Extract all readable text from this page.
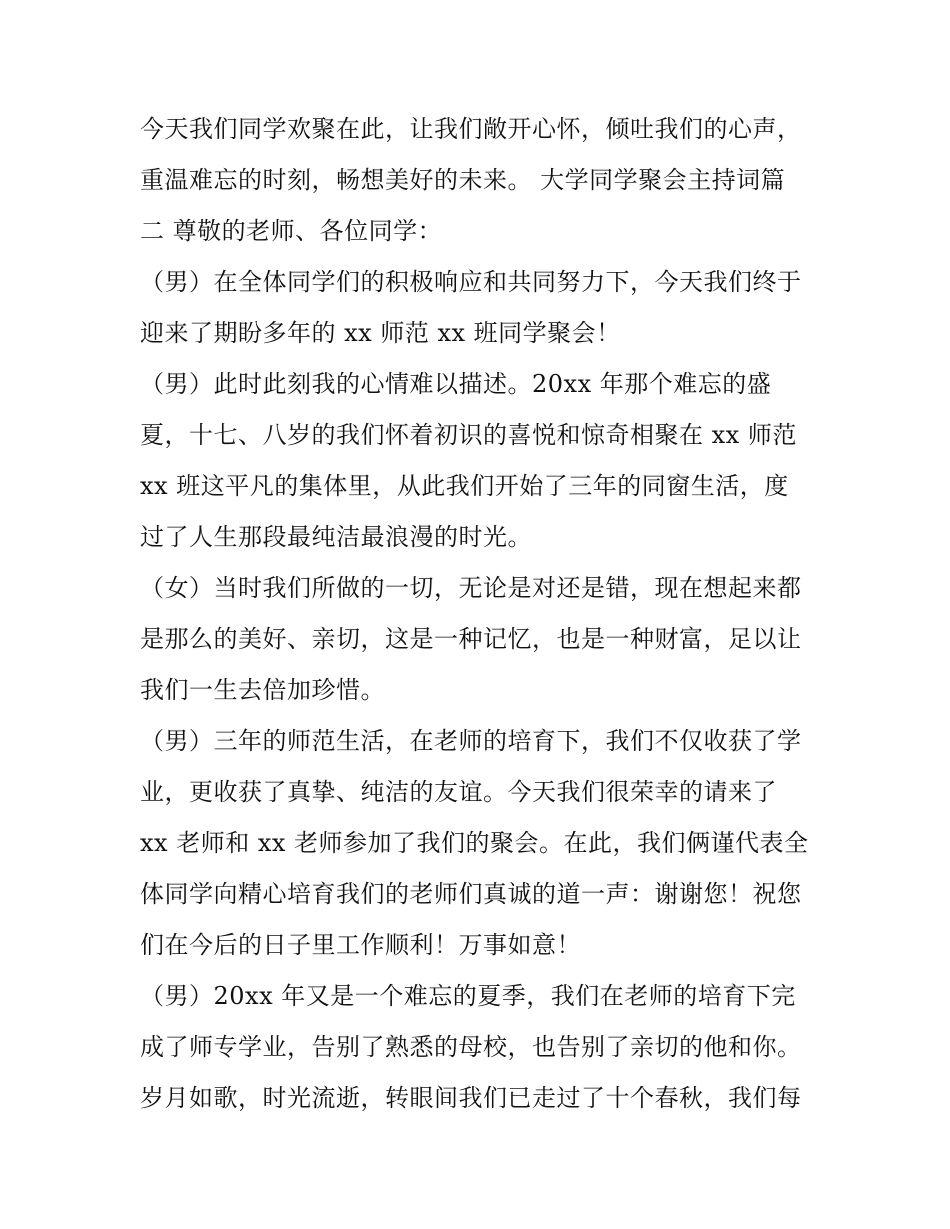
今天我们同学欢聚在此，让我们敞开心怀，倾吐我们的心声，
重温难忘的时刻，畅想美好的未来。 大学同学聚会主持词篇
二 尊敬的老师、各位同学：
（男）在全体同学们的积极响应和共同努力下，今天我们终于
迎来了期盼多年的 xx 师范 xx 班同学聚会！
（男）此时此刻我的心情难以描述。20xx 年那个难忘的盛
夏，十七、八岁的我们怀着初识的喜悦和惊奇相聚在 xx 师范
xx 班这平凡的集体里，从此我们开始了三年的同窗生活，度
过了人生那段最纯洁最浪漫的时光。
（女）当时我们所做的一切，无论是对还是错，现在想起来都
是那么的美好、亲切，这是一种记忆，也是一种财富，足以让
我们一生去倍加珍惜。
（男）三年的师范生活，在老师的培育下，我们不仅收获了学
业，更收获了真挚、纯洁的友谊。今天我们很荣幸的请来了
xx 老师和 xx 老师参加了我们的聚会。在此，我们俩谨代表全
体同学向精心培育我们的老师们真诚的道一声：谢谢您！祝您
们在今后的日子里工作顺利！万事如意！
（男）20xx 年又是一个难忘的夏季，我们在老师的培育下完
成了师专学业，告别了熟悉的母校，也告别了亲切的他和你。
岁月如歌，时光流逝，转眼间我们已走过了十个春秋，我们每
